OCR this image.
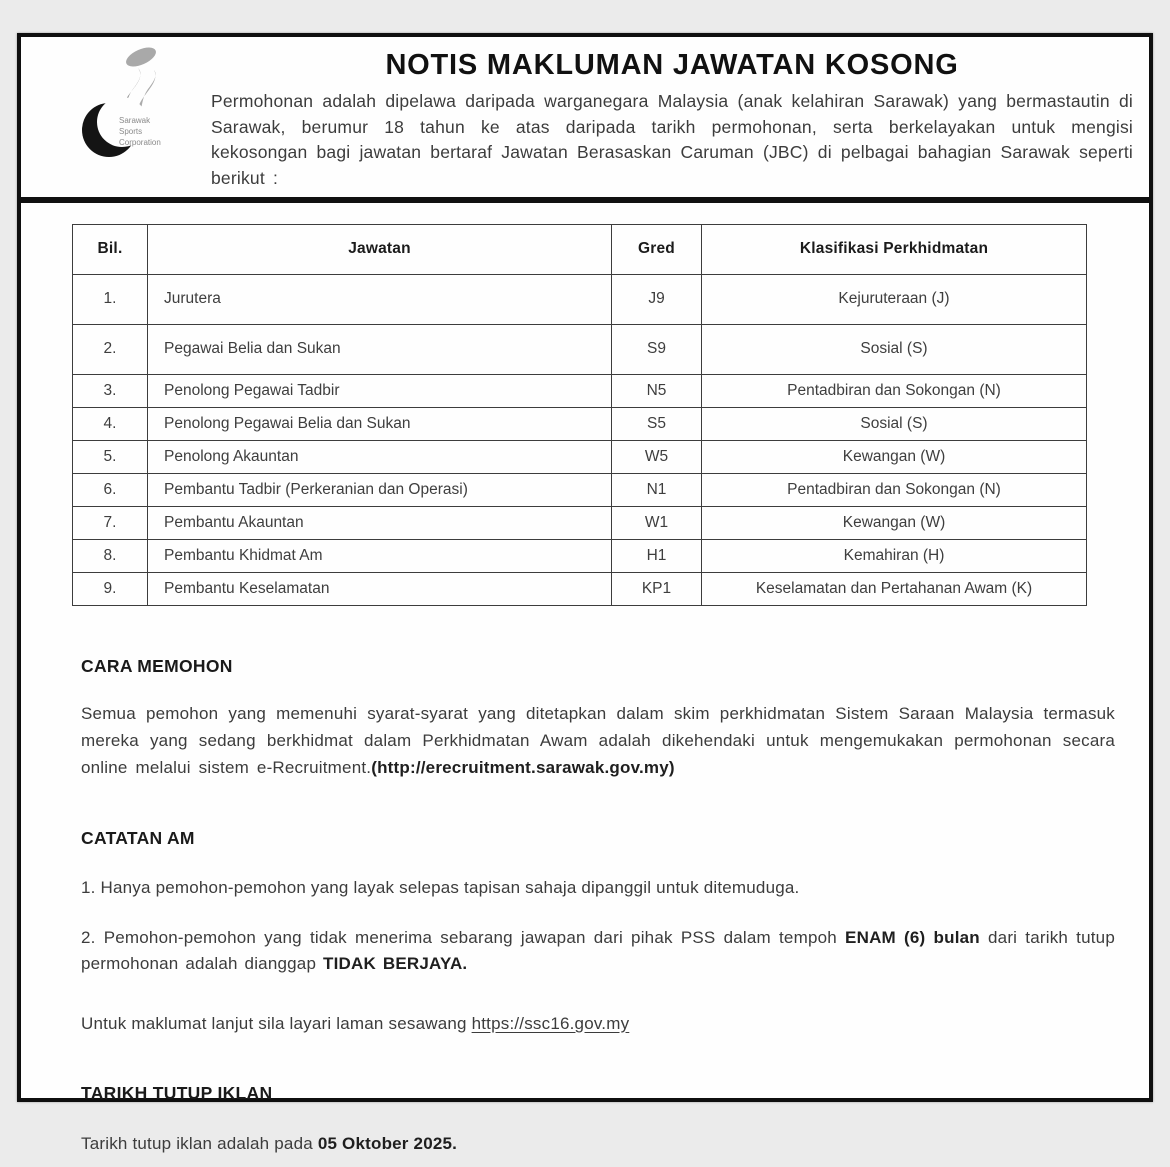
Sarawak
Sports
Corporation
NOTIS MAKLUMAN JAWATAN KOSONG
Permohonan adalah dipelawa daripada warganegara Malaysia (anak kelahiran Sarawak) yang bermastautin di Sarawak, berumur 18 tahun ke atas daripada tarikh permohonan, serta berkelayakan untuk mengisi kekosongan bagi jawatan bertaraf Jawatan Berasaskan Caruman (JBC) di pelbagai bahagian Sarawak seperti berikut :
Bil.	Jawatan	Gred	Klasifikasi Perkhidmatan
1.	Jurutera	J9	Kejuruteraan (J)
2.	Pegawai Belia dan Sukan	S9	Sosial (S)
3.	Penolong Pegawai Tadbir	N5	Pentadbiran dan Sokongan (N)
4.	Penolong Pegawai Belia dan Sukan	S5	Sosial (S)
5.	Penolong Akauntan	W5	Kewangan (W)
6.	Pembantu Tadbir (Perkeranian dan Operasi)	N1	Pentadbiran dan Sokongan (N)
7.	Pembantu Akauntan	W1	Kewangan (W)
8.	Pembantu Khidmat Am	H1	Kemahiran (H)
9.	Pembantu Keselamatan	KP1	Keselamatan dan Pertahanan Awam (K)
CARA MEMOHON

Semua pemohon yang memenuhi syarat-syarat yang ditetapkan dalam skim perkhidmatan Sistem Saraan Malaysia termasuk mereka yang sedang berkhidmat dalam Perkhidmatan Awam adalah dikehendaki untuk mengemukakan permohonan secara online melalui sistem e-Recruitment.(http://erecruitment.sarawak.gov.my)

CATATAN AM

1. Hanya pemohon-pemohon yang layak selepas tapisan sahaja dipanggil untuk ditemuduga.

2. Pemohon-pemohon yang tidak menerima sebarang jawapan dari pihak PSS dalam tempoh ENAM (6) bulan dari tarikh tutup permohonan adalah dianggap TIDAK BERJAYA.

Untuk maklumat lanjut sila layari laman sesawang https://ssc16.gov.my

TARIKH TUTUP IKLAN

Tarikh tutup iklan adalah pada 05 Oktober 2025.
